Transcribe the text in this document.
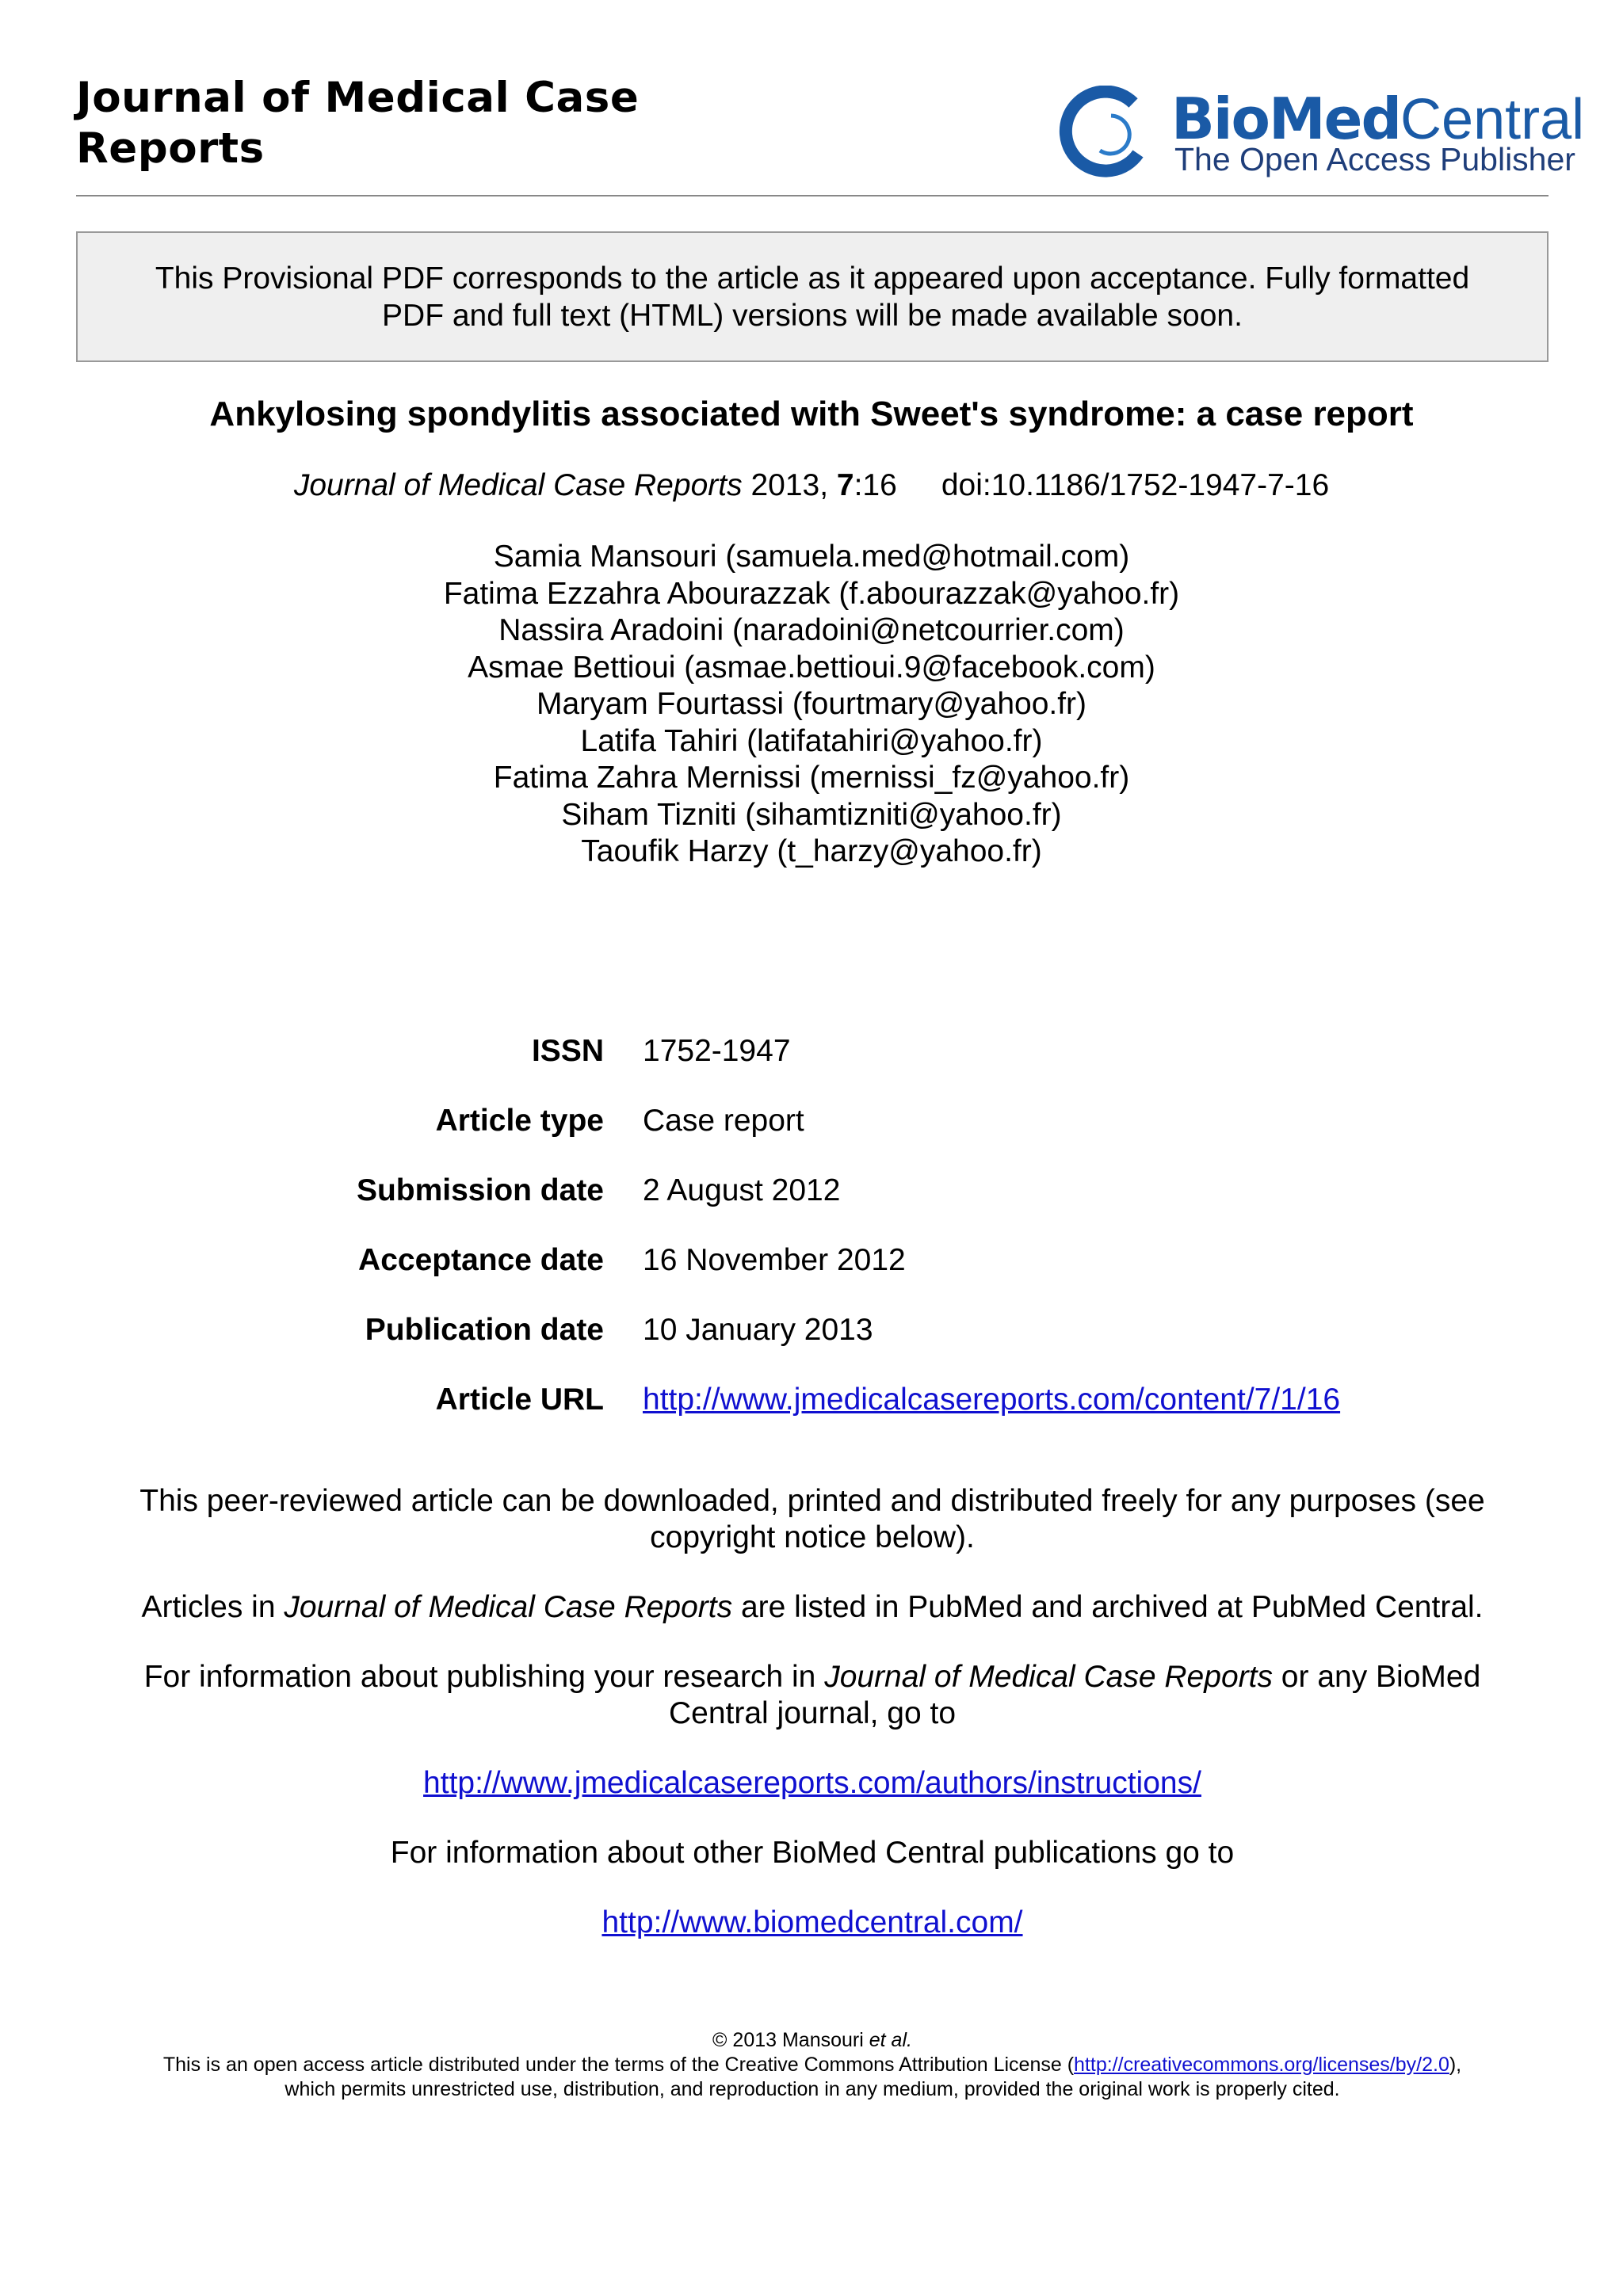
Journal of Medical Case Reports	BioMedCentral
The Open Access Publisher
This Provisional PDF corresponds to the article as it appeared upon acceptance. Fully formatted
PDF and full text (HTML) versions will be made available soon.
Ankylosing spondylitis associated with Sweet's syndrome: a case report
Journal of Medical Case Reports 2013, 7:16 doi:10.1186/1752-1947-7-16
Samia Mansouri (samuela.med@hotmail.com)
Fatima Ezzahra Abourazzak (f.abourazzak@yahoo.fr)
Nassira Aradoini (naradoini@netcourrier.com)
Asmae Bettioui (asmae.bettioui.9@facebook.com)
Maryam Fourtassi (fourtmary@yahoo.fr)
Latifa Tahiri (latifatahiri@yahoo.fr)
Fatima Zahra Mernissi (mernissi_fz@yahoo.fr)
Siham Tizniti (sihamtizniti@yahoo.fr)
Taoufik Harzy (t_harzy@yahoo.fr)
ISSN 1752-1947
Article type Case report
Submission date 2 August 2012
Acceptance date 16 November 2012
Publication date 10 January 2013
Article URL http://www.jmedicalcasereports.com/content/7/1/16

This peer-reviewed article can be downloaded, printed and distributed freely for any purposes (see
copyright notice below).

Articles in Journal of Medical Case Reports are listed in PubMed and archived at PubMed Central.

For information about publishing your research in Journal of Medical Case Reports or any BioMed
Central journal, go to

http://www.jmedicalcasereports.com/authors/instructions/

For information about other BioMed Central publications go to

http://www.biomedcentral.com/

© 2013 Mansouri et al.
This is an open access article distributed under the terms of the Creative Commons Attribution License (http://creativecommons.org/licenses/by/2.0),
which permits unrestricted use, distribution, and reproduction in any medium, provided the original work is properly cited.
